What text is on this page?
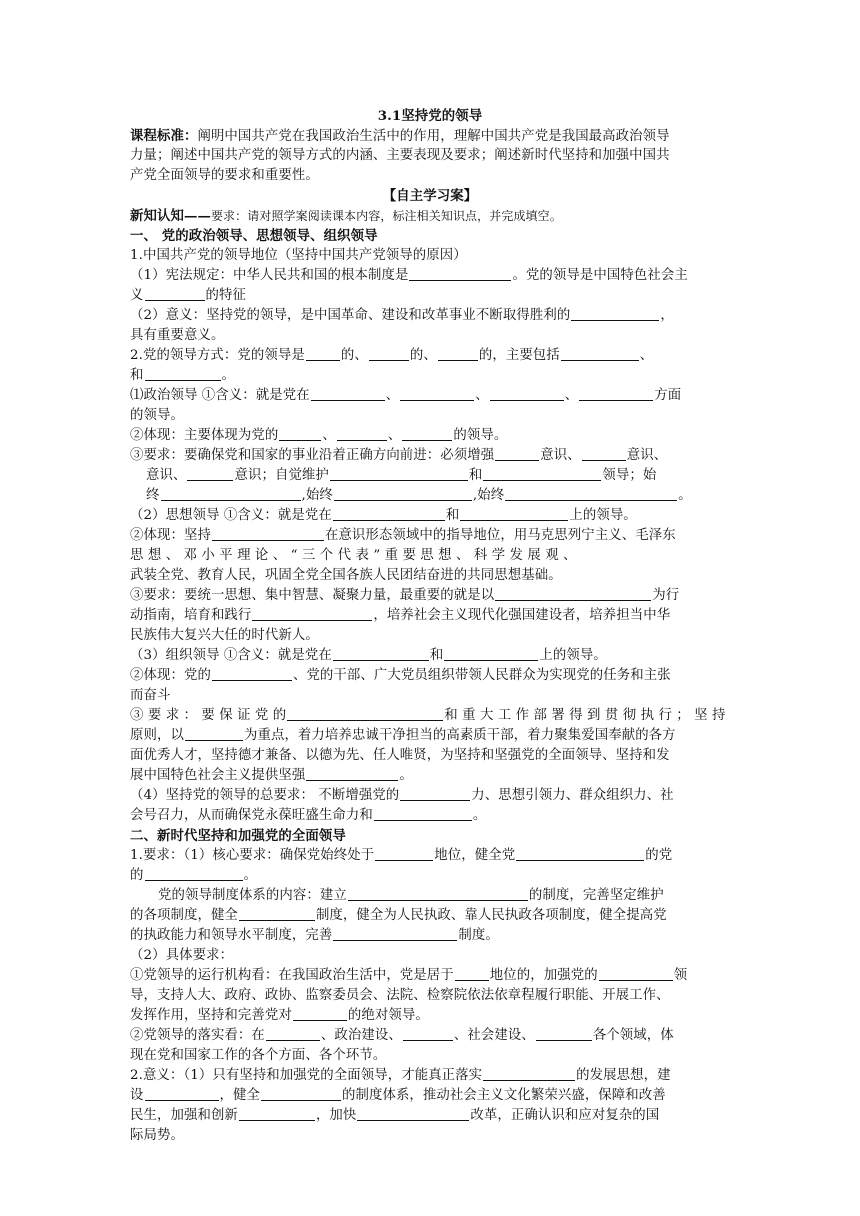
3.1坚持党的领导
课程标准：阐明中国共产党在我国政治生活中的作用，理解中国共产党是我国最高政治领导
力量；阐述中国共产党的领导方式的内涵、主要表现及要求；阐述新时代坚持和加强中国共
产党全面领导的要求和重要性。
【自主学习案】
新知认知——要求：请对照学案阅读课本内容，标注相关知识点，并完成填空。
一、 党的政治领导、思想领导、组织领导
1.中国共产党的领导地位（坚持中国共产党领导的原因）
（1）宪法规定：中华人民共和国的根本制度是	。党的领导是中国特色社会主
义	的特征
（2）意义：坚持党的领导，是中国革命、建设和改革事业不断取得胜利的	，
具有重要意义。
2.党的领导方式：党的领导是	的、	的、	的，主要包括	、
和	。
⑴政治领导 ①含义：就是党在	、	、	、	方面
的领导。
②体现：主要体现为党的	、	、	的领导。
③要求：要确保党和国家的事业沿着正确方向前进：必须增强	意识、	意识、
意识、	意识；自觉维护	和	领导；始
终	,始终	,始终	。
（2）思想领导 ①含义：就是党在	和	上的领导。
②体现：坚持	在意识形态领域中的指导地位，用马克思列宁主义、毛泽东
思 想 、 邓 小 平 理 论 、 “ 三 个 代 表 ” 重 要 思 想 、 科 学 发 展 观 、
武装全党、教育人民，巩固全党全国各族人民团结奋进的共同思想基础。
③要求：要统一思想、集中智慧、凝聚力量，最重要的就是以	为行
动指南，培育和践行	，培养社会主义现代化强国建设者，培养担当中华
民族伟大复兴大任的时代新人。
（3）组织领导 ①含义：就是党在	和	上的领导。
②体现：党的	、党的干部、广大党员组织带领人民群众为实现党的任务和主张
而奋斗
③ 要 求 ： 要 保 证 党 的	和 重 大 工 作 部 署 得 到 贯 彻 执 行 ； 坚 持
原则，以	为重点，着力培养忠诚干净担当的高素质干部，着力聚集爱国奉献的各方
面优秀人才，坚持德才兼备、以德为先、任人唯贤，为坚持和坚强党的全面领导、坚持和发
展中国特色社会主义提供坚强	。
（4）坚持党的领导的总要求： 不断增强党的	力、思想引领力、群众组织力、社
会号召力，从而确保党永葆旺盛生命力和	。
二、新时代坚持和加强党的全面领导
1.要求：（1）核心要求：确保党始终处于	地位，健全党	的党
的	。
党的领导制度体系的内容：建立	的制度，完善坚定维护
的各项制度，健全	制度，健全为人民执政、靠人民执政各项制度，健全提高党
的执政能力和领导水平制度，完善	制度。
（2）具体要求：
①党领导的运行机构看：在我国政治生活中，党是居于	地位的，加强党的	领
导，支持人大、政府、政协、监察委员会、法院、检察院依法依章程履行职能、开展工作、
发挥作用，坚持和完善党对	的绝对领导。
②党领导的落实看：在	、政治建设、	、社会建设、	各个领域，体
现在党和国家工作的各个方面、各个环节。
2.意义：（1）只有坚持和加强党的全面领导，才能真正落实	的发展思想，建
设	，健全	的制度体系，推动社会主义文化繁荣兴盛，保障和改善
民生，加强和创新	，加快	改革，正确认识和应对复杂的国
际局势。
